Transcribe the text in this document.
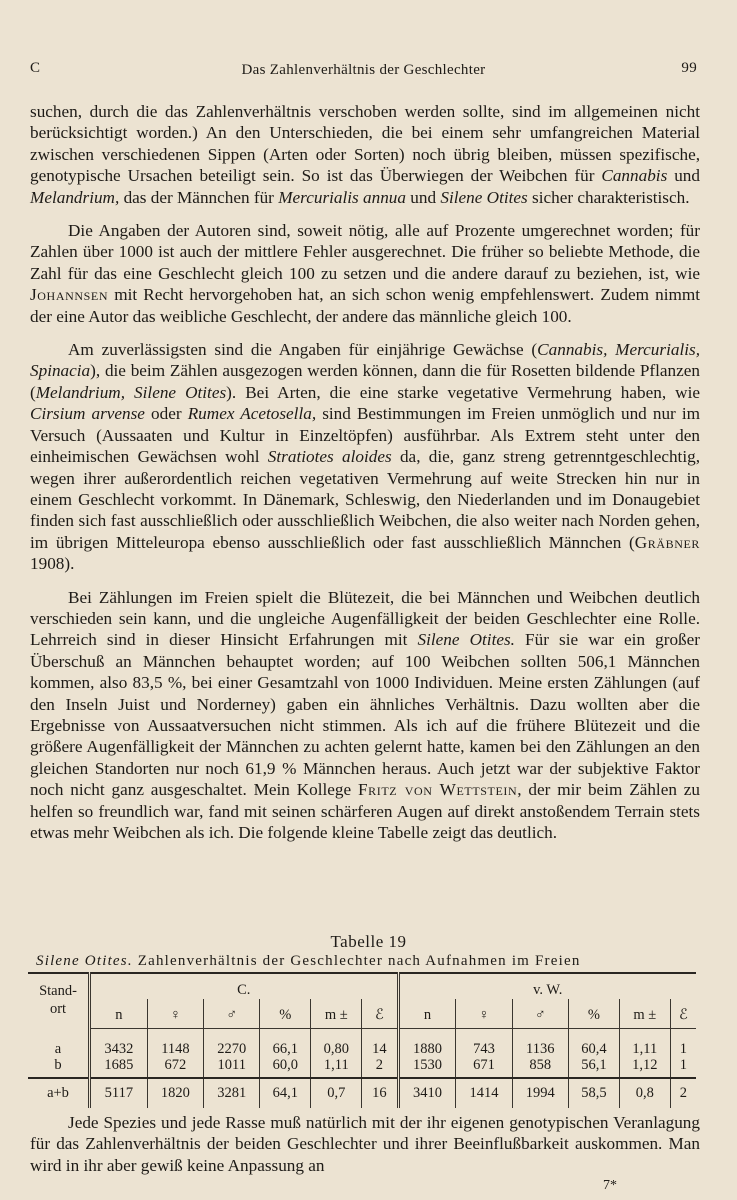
C	Das Zahlenverhältnis der Geschlechter	99

suchen, durch die das Zahlenverhältnis verschoben werden sollte, sind im allgemeinen nicht berücksichtigt worden.) An den Unterschieden, die bei einem sehr umfangreichen Material zwischen verschiedenen Sippen (Arten oder Sorten) noch übrig bleiben, müssen spezifische, genotypische Ursachen beteiligt sein. So ist das Überwiegen der Weibchen für Cannabis und Melandrium, das der Männchen für Mercurialis annua und Silene Otites sicher charakteristisch.

Die Angaben der Autoren sind, soweit nötig, alle auf Prozente umgerechnet worden; für Zahlen über 1000 ist auch der mittlere Fehler ausgerechnet. Die früher so beliebte Methode, die Zahl für das eine Geschlecht gleich 100 zu setzen und die andere darauf zu beziehen, ist, wie Johannsen mit Recht hervorgehoben hat, an sich schon wenig empfehlenswert. Zudem nimmt der eine Autor das weibliche Geschlecht, der andere das männliche gleich 100.

Am zuverlässigsten sind die Angaben für einjährige Gewächse (Cannabis, Mercurialis, Spinacia), die beim Zählen ausgezogen werden können, dann die für Rosetten bildende Pflanzen (Melandrium, Silene Otites). Bei Arten, die eine starke vegetative Vermehrung haben, wie Cirsium arvense oder Rumex Acetosella, sind Bestimmungen im Freien unmöglich und nur im Versuch (Aussaaten und Kultur in Einzeltöpfen) ausführbar. Als Extrem steht unter den einheimischen Gewächsen wohl Stratiotes aloides da, die, ganz streng getrenntgeschlechtig, wegen ihrer außerordentlich reichen vegetativen Vermehrung auf weite Strecken hin nur in einem Geschlecht vorkommt. In Dänemark, Schleswig, den Niederlanden und im Donaugebiet finden sich fast ausschließlich oder ausschließlich Weibchen, die also weiter nach Norden gehen, im übrigen Mitteleuropa ebenso ausschließlich oder fast ausschließlich Männchen (Gräbner 1908).

Bei Zählungen im Freien spielt die Blütezeit, die bei Männchen und Weibchen deutlich verschieden sein kann, und die ungleiche Augenfälligkeit der beiden Geschlechter eine Rolle. Lehrreich sind in dieser Hinsicht Erfahrungen mit Silene Otites. Für sie war ein großer Überschuß an Männchen behauptet worden; auf 100 Weibchen sollten 506,1 Männchen kommen, also 83,5 %, bei einer Gesamtzahl von 1000 Individuen. Meine ersten Zählungen (auf den Inseln Juist und Norderney) gaben ein ähnliches Verhältnis. Dazu wollten aber die Ergebnisse von Aussaatversuchen nicht stimmen. Als ich auf die frühere Blütezeit und die größere Augenfälligkeit der Männchen zu achten gelernt hatte, kamen bei den Zählungen an den gleichen Standorten nur noch 61,9 % Männchen heraus. Auch jetzt war der subjektive Faktor noch nicht ganz ausgeschaltet. Mein Kollege Fritz von Wettstein, der mir beim Zählen zu helfen so freundlich war, fand mit seinen schärferen Augen auf direkt anstoßendem Terrain stets etwas mehr Weibchen als ich. Die folgende kleine Tabelle zeigt das deutlich.

Tabelle 19
Silene Otites. Zahlenverhältnis der Geschlechter nach Aufnahmen im Freien
Stand-ort	C.						v. W.					
	n	♀	♂	%	m ±	ℰ	n	♀	♂	%	m ±	ℰ
a	3432	1148	2270	66,1	0,80	14	1880	743	1136	60,4	1,11	1
b	1685	672	1011	60,0	1,11	2	1530	671	858	56,1	1,12	1
a+b	5117	1820	3281	64,1	0,7	16	3410	1414	1994	58,5	0,8	2

Jede Spezies und jede Rasse muß natürlich mit der ihr eigenen genotypischen Veranlagung für das Zahlenverhältnis der beiden Geschlechter und ihrer Beeinflußbarkeit auskommen. Man wird in ihr aber gewiß keine Anpassung an

7*
